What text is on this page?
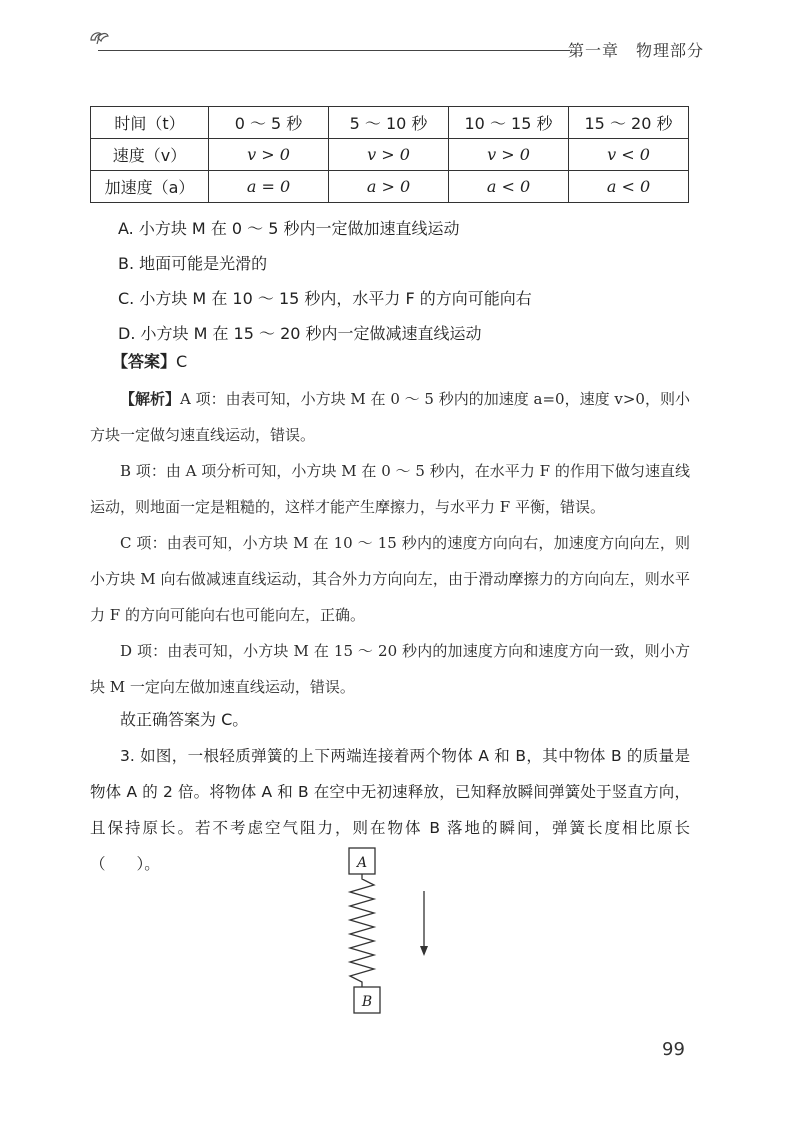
第一章　物理部分
时间（t）	0 ～ 5 秒	5 ～ 10 秒	10 ～ 15 秒	15 ～ 20 秒
速度（v）	v > 0	v > 0	v > 0	v < 0
加速度（a）	a = 0	a > 0	a < 0	a < 0
A. 小方块 M 在 0 ～ 5 秒内一定做加速直线运动
B. 地面可能是光滑的
C. 小方块 M 在 10 ～ 15 秒内，水平力 F 的方向可能向右
D. 小方块 M 在 15 ～ 20 秒内一定做减速直线运动
【答案】C
【解析】A 项：由表可知，小方块 M 在 0 ～ 5 秒内的加速度 a=0，速度 v>0，则小方块一定做匀速直线运动，错误。
B 项：由 A 项分析可知，小方块 M 在 0 ～ 5 秒内，在水平力 F 的作用下做匀速直线运动，则地面一定是粗糙的，这样才能产生摩擦力，与水平力 F 平衡，错误。
C 项：由表可知，小方块 M 在 10 ～ 15 秒内的速度方向向右，加速度方向向左，则小方块 M 向右做减速直线运动，其合外力方向向左，由于滑动摩擦力的方向向左，则水平力 F 的方向可能向右也可能向左，正确。
D 项：由表可知，小方块 M 在 15 ～ 20 秒内的加速度方向和速度方向一致，则小方块 M 一定向左做加速直线运动，错误。
故正确答案为 C。
3. 如图，一根轻质弹簧的上下两端连接着两个物体 A 和 B，其中物体 B 的质量是物体 A 的 2 倍。将物体 A 和 B 在空中无初速释放，已知释放瞬间弹簧处于竖直方向，且保持原长。若不考虑空气阻力，则在物体 B 落地的瞬间，弹簧长度相比原长（　　）。	A
B
99
